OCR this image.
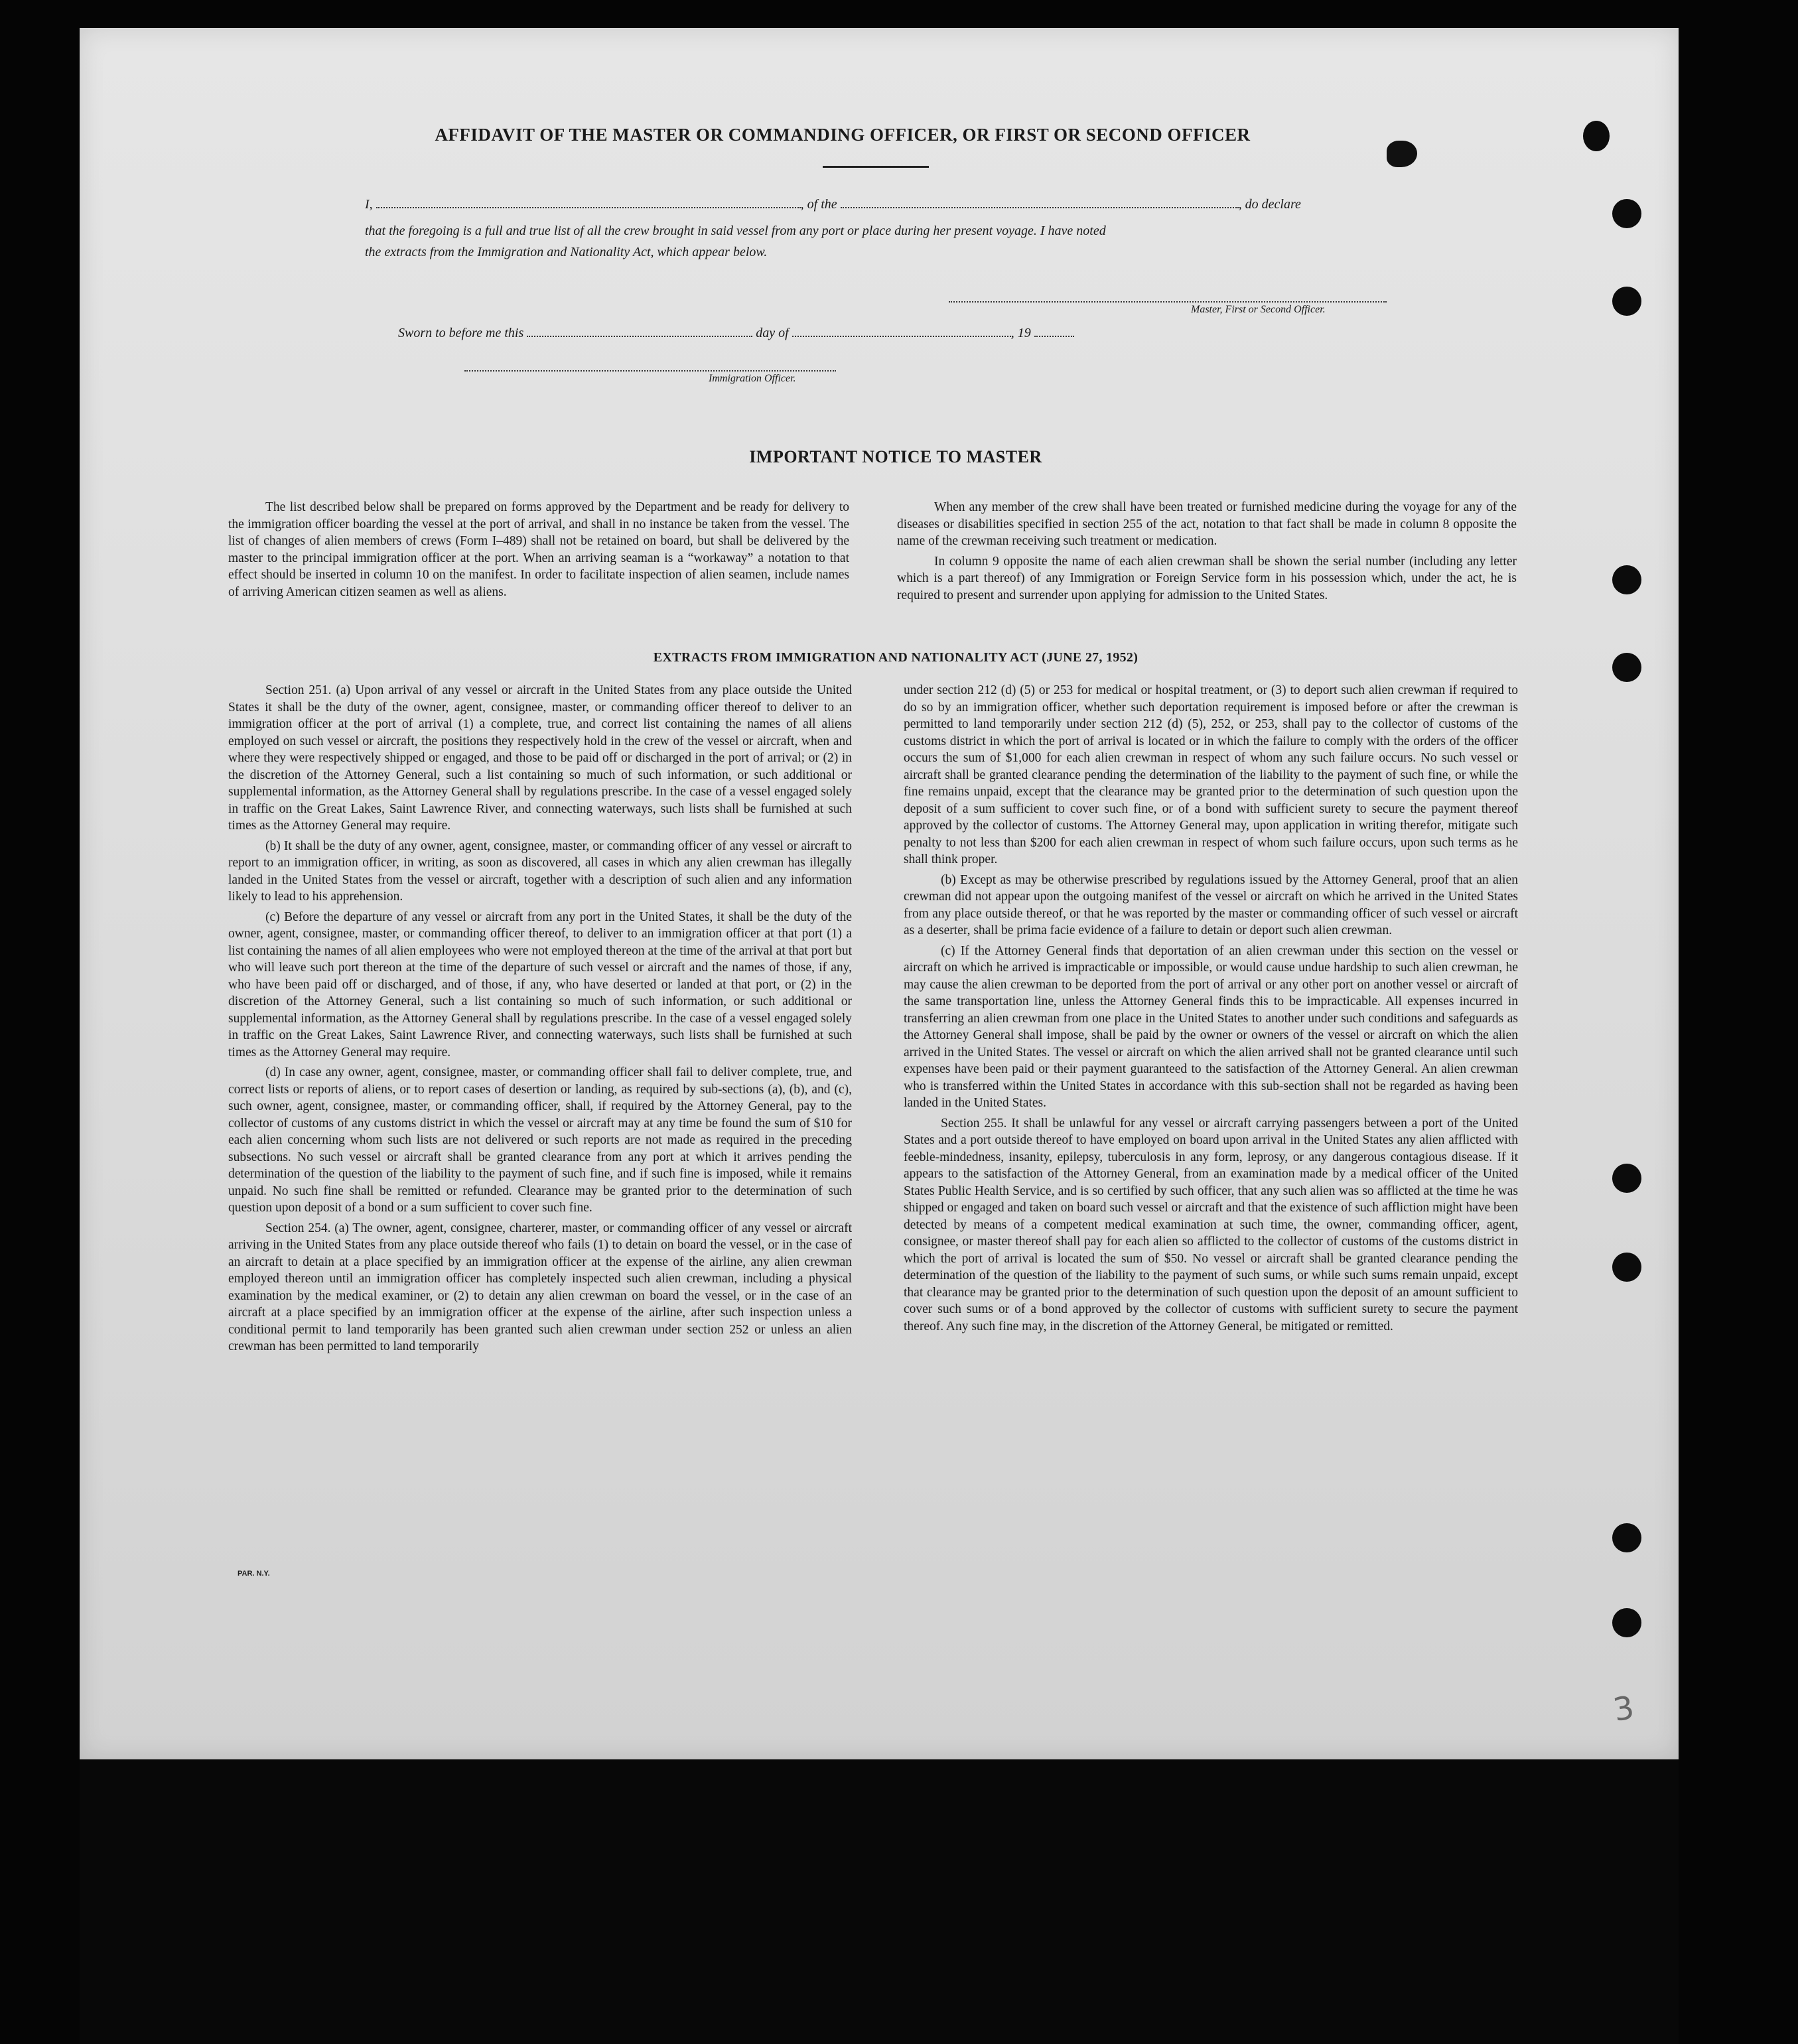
AFFIDAVIT OF THE MASTER OR COMMANDING OFFICER, OR FIRST OR SECOND OFFICER
I,	, of the	, do declare
that the foregoing is a full and true list of all the crew brought in said vessel from any port or place during her present voyage. I have noted
the extracts from the Immigration and Nationality Act, which appear below.
Master, First or Second Officer.
Sworn to before me this	day of	, 19
Immigration Officer.
IMPORTANT NOTICE TO MASTER

The list described below shall be prepared on forms approved by the Department and be ready for delivery to the immigration officer boarding the vessel at the port of arrival, and shall in no instance be taken from the vessel. The list of changes of alien members of crews (Form I–489) shall not be retained on board, but shall be delivered by the master to the principal immigration officer at the port. When an arriving seaman is a “workaway” a notation to that effect should be inserted in column 10 on the manifest. In order to facilitate inspection of alien seamen, include names of arriving American citizen seamen as well as aliens.

When any member of the crew shall have been treated or furnished medicine during the voyage for any of the diseases or disabilities specified in section 255 of the act, notation to that fact shall be made in column 8 opposite the name of the crewman receiving such treatment or medication.

In column 9 opposite the name of each alien crewman shall be shown the serial number (including any letter which is a part thereof) of any Immigration or Foreign Service form in his possession which, under the act, he is required to present and surrender upon applying for admission to the United States.

EXTRACTS FROM IMMIGRATION AND NATIONALITY ACT (JUNE 27, 1952)

Section 251. (a) Upon arrival of any vessel or aircraft in the United States from any place outside the United States it shall be the duty of the owner, agent, consignee, master, or commanding officer thereof to deliver to an immigration officer at the port of arrival (1) a complete, true, and correct list containing the names of all aliens employed on such vessel or aircraft, the positions they respectively hold in the crew of the vessel or aircraft, when and where they were respectively shipped or engaged, and those to be paid off or discharged in the port of arrival; or (2) in the discretion of the Attorney General, such a list containing so much of such information, or such additional or supplemental information, as the Attorney General shall by regulations prescribe. In the case of a vessel engaged solely in traffic on the Great Lakes, Saint Lawrence River, and connecting waterways, such lists shall be furnished at such times as the Attorney General may require.

(b) It shall be the duty of any owner, agent, consignee, master, or commanding officer of any vessel or aircraft to report to an immigration officer, in writing, as soon as discovered, all cases in which any alien crewman has illegally landed in the United States from the vessel or aircraft, together with a description of such alien and any information likely to lead to his apprehension.

(c) Before the departure of any vessel or aircraft from any port in the United States, it shall be the duty of the owner, agent, consignee, master, or commanding officer thereof, to deliver to an immigration officer at that port (1) a list containing the names of all alien employees who were not employed thereon at the time of the arrival at that port but who will leave such port thereon at the time of the departure of such vessel or aircraft and the names of those, if any, who have been paid off or discharged, and of those, if any, who have deserted or landed at that port, or (2) in the discretion of the Attorney General, such a list containing so much of such information, or such additional or supplemental information, as the Attorney General shall by regulations prescribe. In the case of a vessel engaged solely in traffic on the Great Lakes, Saint Lawrence River, and connecting waterways, such lists shall be furnished at such times as the Attorney General may require.

(d) In case any owner, agent, consignee, master, or commanding officer shall fail to deliver complete, true, and correct lists or reports of aliens, or to report cases of desertion or landing, as required by sub-sections (a), (b), and (c), such owner, agent, consignee, master, or commanding officer, shall, if required by the Attorney General, pay to the collector of customs of any customs district in which the vessel or aircraft may at any time be found the sum of $10 for each alien concerning whom such lists are not delivered or such reports are not made as required in the preceding subsections. No such vessel or aircraft shall be granted clearance from any port at which it arrives pending the determination of the question of the liability to the payment of such fine, and if such fine is imposed, while it remains unpaid. No such fine shall be remitted or refunded. Clearance may be granted prior to the determination of such question upon deposit of a bond or a sum sufficient to cover such fine.

Section 254. (a) The owner, agent, consignee, charterer, master, or commanding officer of any vessel or aircraft arriving in the United States from any place outside thereof who fails (1) to detain on board the vessel, or in the case of an aircraft to detain at a place specified by an immigration officer at the expense of the airline, any alien crewman employed thereon until an immigration officer has completely inspected such alien crewman, including a physical examination by the medical examiner, or (2) to detain any alien crewman on board the vessel, or in the case of an aircraft at a place specified by an immigration officer at the expense of the airline, after such inspection unless a conditional permit to land temporarily has been granted such alien crewman under section 252 or unless an alien crewman has been permitted to land temporarily

under section 212 (d) (5) or 253 for medical or hospital treatment, or (3) to deport such alien crewman if required to do so by an immigration officer, whether such deportation requirement is imposed before or after the crewman is permitted to land temporarily under section 212 (d) (5), 252, or 253, shall pay to the collector of customs of the customs district in which the port of arrival is located or in which the failure to comply with the orders of the officer occurs the sum of $1,000 for each alien crewman in respect of whom any such failure occurs. No such vessel or aircraft shall be granted clearance pending the determination of the liability to the payment of such fine, or while the fine remains unpaid, except that the clearance may be granted prior to the determination of such question upon the deposit of a sum sufficient to cover such fine, or of a bond with sufficient surety to secure the payment thereof approved by the collector of customs. The Attorney General may, upon application in writing therefor, mitigate such penalty to not less than $200 for each alien crewman in respect of whom such failure occurs, upon such terms as he shall think proper.

(b) Except as may be otherwise prescribed by regulations issued by the Attorney General, proof that an alien crewman did not appear upon the outgoing manifest of the vessel or aircraft on which he arrived in the United States from any place outside thereof, or that he was reported by the master or commanding officer of such vessel or aircraft as a deserter, shall be prima facie evidence of a failure to detain or deport such alien crewman.

(c) If the Attorney General finds that deportation of an alien crewman under this section on the vessel or aircraft on which he arrived is impracticable or impossible, or would cause undue hardship to such alien crewman, he may cause the alien crewman to be deported from the port of arrival or any other port on another vessel or aircraft of the same transportation line, unless the Attorney General finds this to be impracticable. All expenses incurred in transferring an alien crewman from one place in the United States to another under such conditions and safeguards as the Attorney General shall impose, shall be paid by the owner or owners of the vessel or aircraft on which the alien arrived in the United States. The vessel or aircraft on which the alien arrived shall not be granted clearance until such expenses have been paid or their payment guaranteed to the satisfaction of the Attorney General. An alien crewman who is transferred within the United States in accordance with this sub-section shall not be regarded as having been landed in the United States.

Section 255. It shall be unlawful for any vessel or aircraft carrying passengers between a port of the United States and a port outside thereof to have employed on board upon arrival in the United States any alien afflicted with feeble-mindedness, insanity, epilepsy, tuberculosis in any form, leprosy, or any dangerous contagious disease. If it appears to the satisfaction of the Attorney General, from an examination made by a medical officer of the United States Public Health Service, and is so certified by such officer, that any such alien was so afflicted at the time he was shipped or engaged and taken on board such vessel or aircraft and that the existence of such affliction might have been detected by means of a competent medical examination at such time, the owner, commanding officer, agent, consignee, or master thereof shall pay for each alien so afflicted to the collector of customs of the customs district in which the port of arrival is located the sum of $50. No vessel or aircraft shall be granted clearance pending the determination of the question of the liability to the payment of such sums, or while such sums remain unpaid, except that clearance may be granted prior to the determination of such question upon the deposit of an amount sufficient to cover such sums or of a bond approved by the collector of customs with sufficient surety to secure the payment thereof. Any such fine may, in the discretion of the Attorney General, be mitigated or remitted.

PAR. N.Y.
3
